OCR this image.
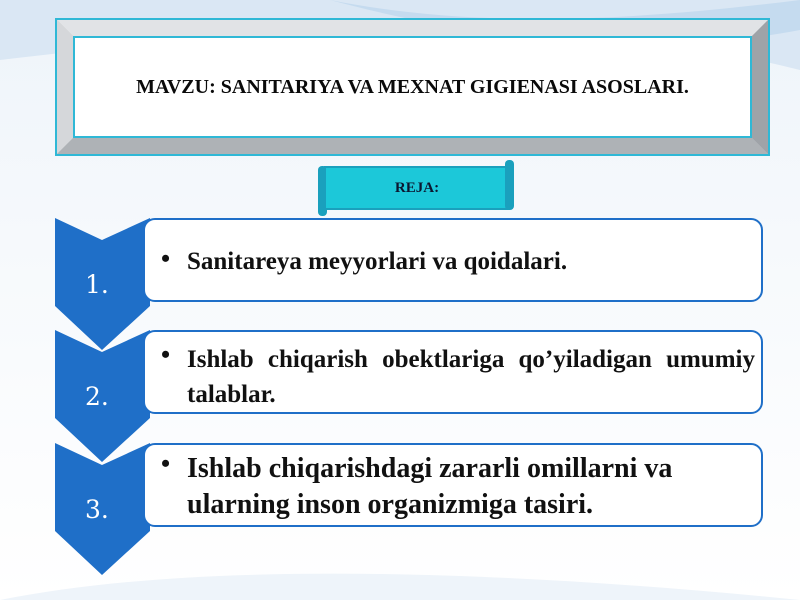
MAVZU: SANITARIYA VA MEXNAT GIGIENASI ASOSLARI.
REJA:
1.
• Sanitareya meyyorlari va qoidalari.
2.
• Ishlab chiqarish obektlariga qo’yiladigan umumiy talablar.
3.
• Ishlab chiqarishdagi zararli omillarni va ularning inson organizmiga tasiri.
